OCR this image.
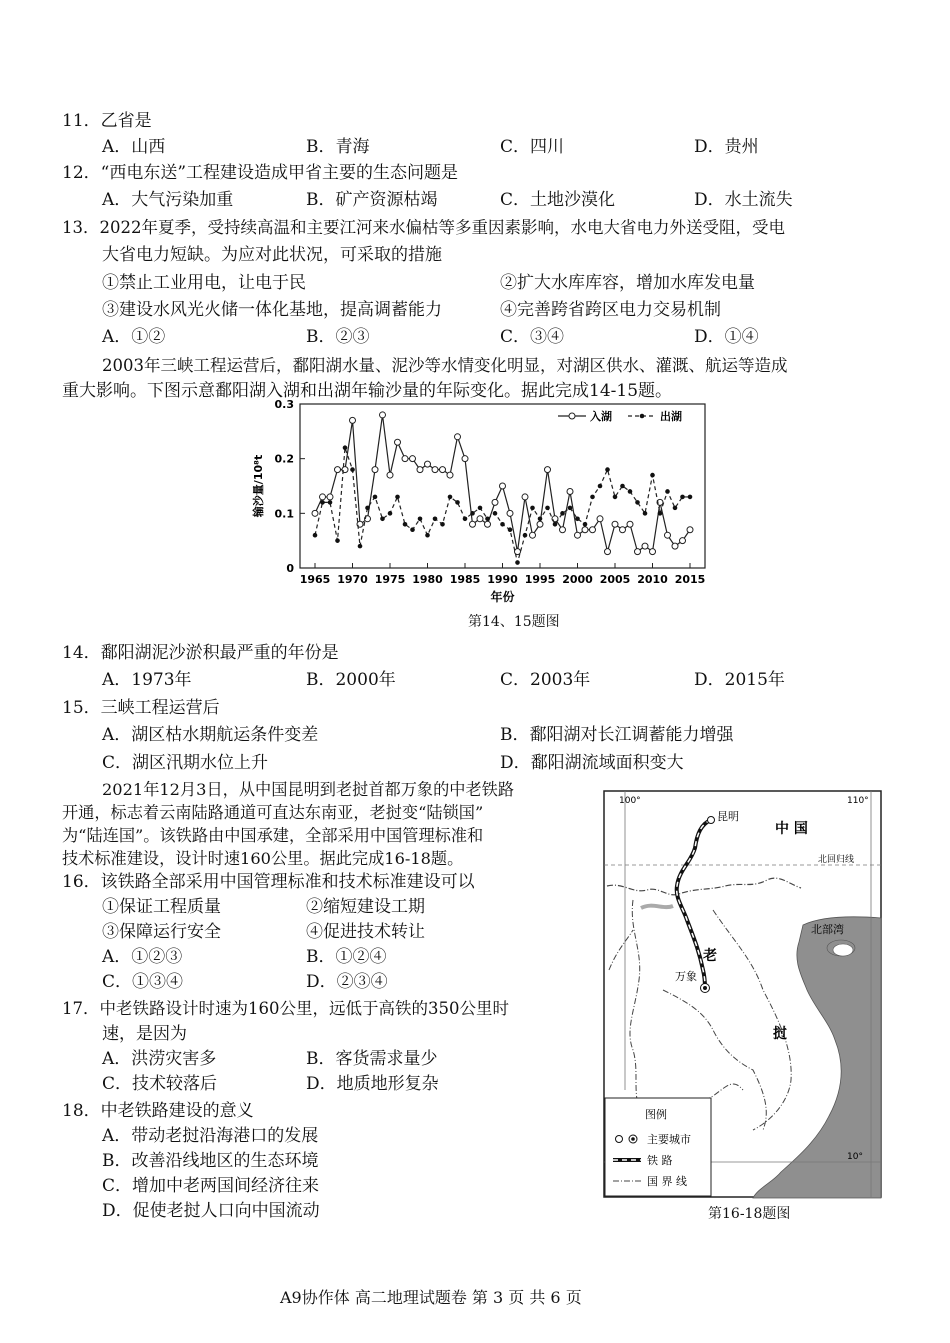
11．乙省是
A．山西	B．青海	C．四川	D．贵州
12．“西电东送”工程建设造成甲省主要的生态问题是
A．大气污染加重	B．矿产资源枯竭	C．土地沙漠化	D．水土流失
13．2022年夏季，受持续高温和主要江河来水偏枯等多重因素影响，水电大省电力外送受阻，受电
大省电力短缺。为应对此状况，可采取的措施
①禁止工业用电，让电于民	②扩大水库库容，增加水库发电量
③建设水风光火储一体化基地，提高调蓄能力	④完善跨省跨区电力交易机制
A．①②	B．②③	C．③④	D．①④
2003年三峡工程运营后，鄱阳湖水量、泥沙等水情变化明显，对湖区供水、灌溉、航运等造成
重大影响。下图示意鄱阳湖入湖和出湖年输沙量的年际变化。据此完成14-15题。
0
0.1
0.2
0.3
1965 1970 1975 1980 1985 1990 1995 2000 2005 2010 2015
年份
输沙量/10⁸t
入湖	出湖
第14、15题图
14．鄱阳湖泥沙淤积最严重的年份是
A．1973年	B．2000年	C．2003年	D．2015年
15．三峡工程运营后
A．湖区枯水期航运条件变差	B．鄱阳湖对长江调蓄能力增强
C．湖区汛期水位上升	D．鄱阳湖流域面积变大
2021年12月3日，从中国昆明到老挝首都万象的中老铁路
开通，标志着云南陆路通道可直达东南亚，老挝变“陆锁国”
为“陆连国”。该铁路由中国承建，全部采用中国管理标准和
技术标准建设，设计时速160公里。据此完成16-18题。
16．该铁路全部采用中国管理标准和技术标准建设可以
①保证工程质量	②缩短建设工期
③保障运行安全	④促进技术转让
A．①②③	B．①②④
C．①③④	D．②③④
17．中老铁路设计时速为160公里，远低于高铁的350公里时
速，是因为
A．洪涝灾害多	B．客货需求量少
C．技术较落后	D．地质地形复杂
18．中老铁路建设的意义
A．带动老挝沿海港口的发展
B．改善沿线地区的生态环境
C．增加中老两国间经济往来
D．促使老挝人口向中国流动
100°	110°
10°
北回归线
昆明
万象
中 国
北部湾
老
挝
图例
主要城市
铁 路
国 界 线
第16-18题图
A9协作体 高二地理试题卷 第 3 页 共 6 页
